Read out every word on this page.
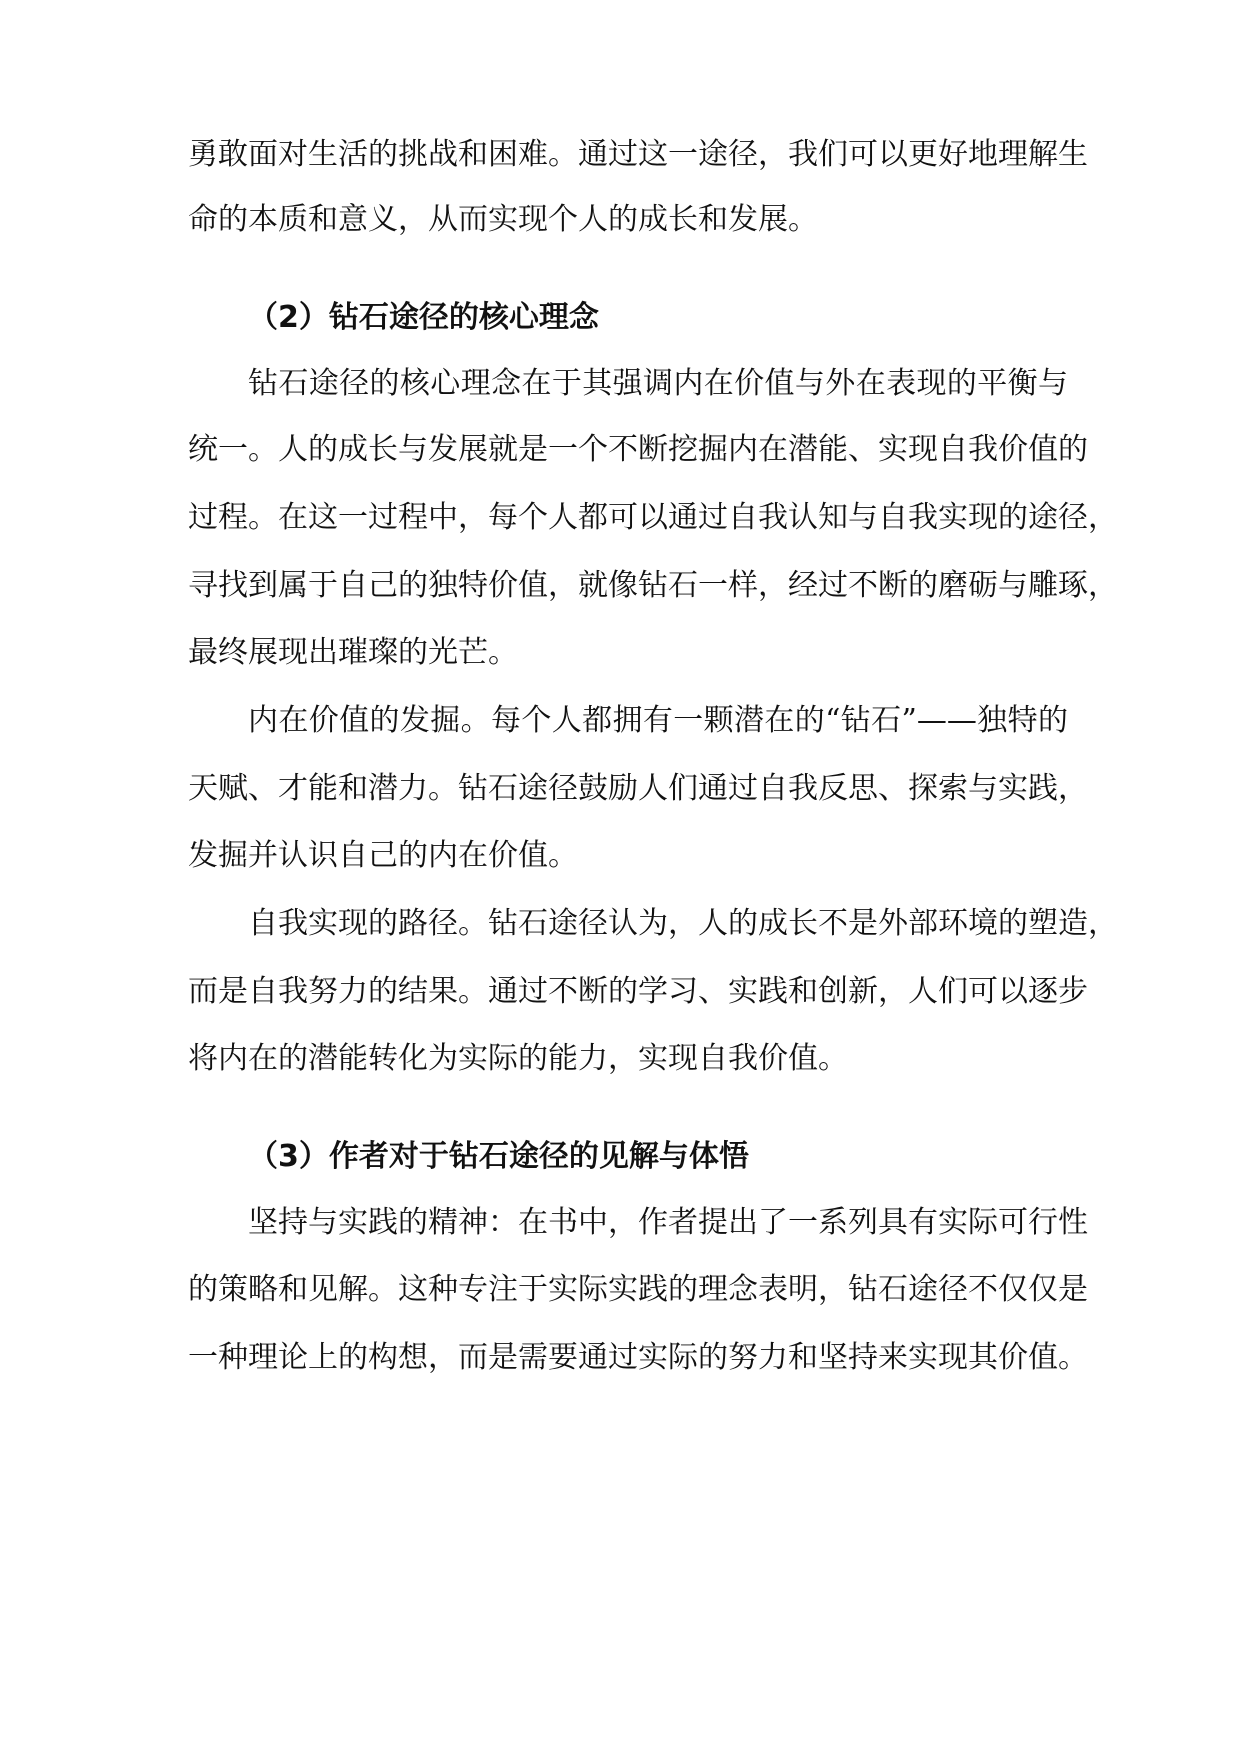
勇敢面对生活的挑战和困难。通过这一途径，我们可以更好地理解生
命的本质和意义，从而实现个人的成长和发展。
（2）钻石途径的核心理念
钻石途径的核心理念在于其强调内在价值与外在表现的平衡与
统一。人的成长与发展就是一个不断挖掘内在潜能、实现自我价值的
过程。在这一过程中，每个人都可以通过自我认知与自我实现的途径，
寻找到属于自己的独特价值，就像钻石一样，经过不断的磨砺与雕琢，
最终展现出璀璨的光芒。
内在价值的发掘。每个人都拥有一颗潜在的“钻石”——独特的
天赋、才能和潜力。钻石途径鼓励人们通过自我反思、探索与实践，
发掘并认识自己的内在价值。
自我实现的路径。钻石途径认为，人的成长不是外部环境的塑造，
而是自我努力的结果。通过不断的学习、实践和创新，人们可以逐步
将内在的潜能转化为实际的能力，实现自我价值。
（3）作者对于钻石途径的见解与体悟
坚持与实践的精神：在书中，作者提出了一系列具有实际可行性
的策略和见解。这种专注于实际实践的理念表明，钻石途径不仅仅是
一种理论上的构想，而是需要通过实际的努力和坚持来实现其价值。
